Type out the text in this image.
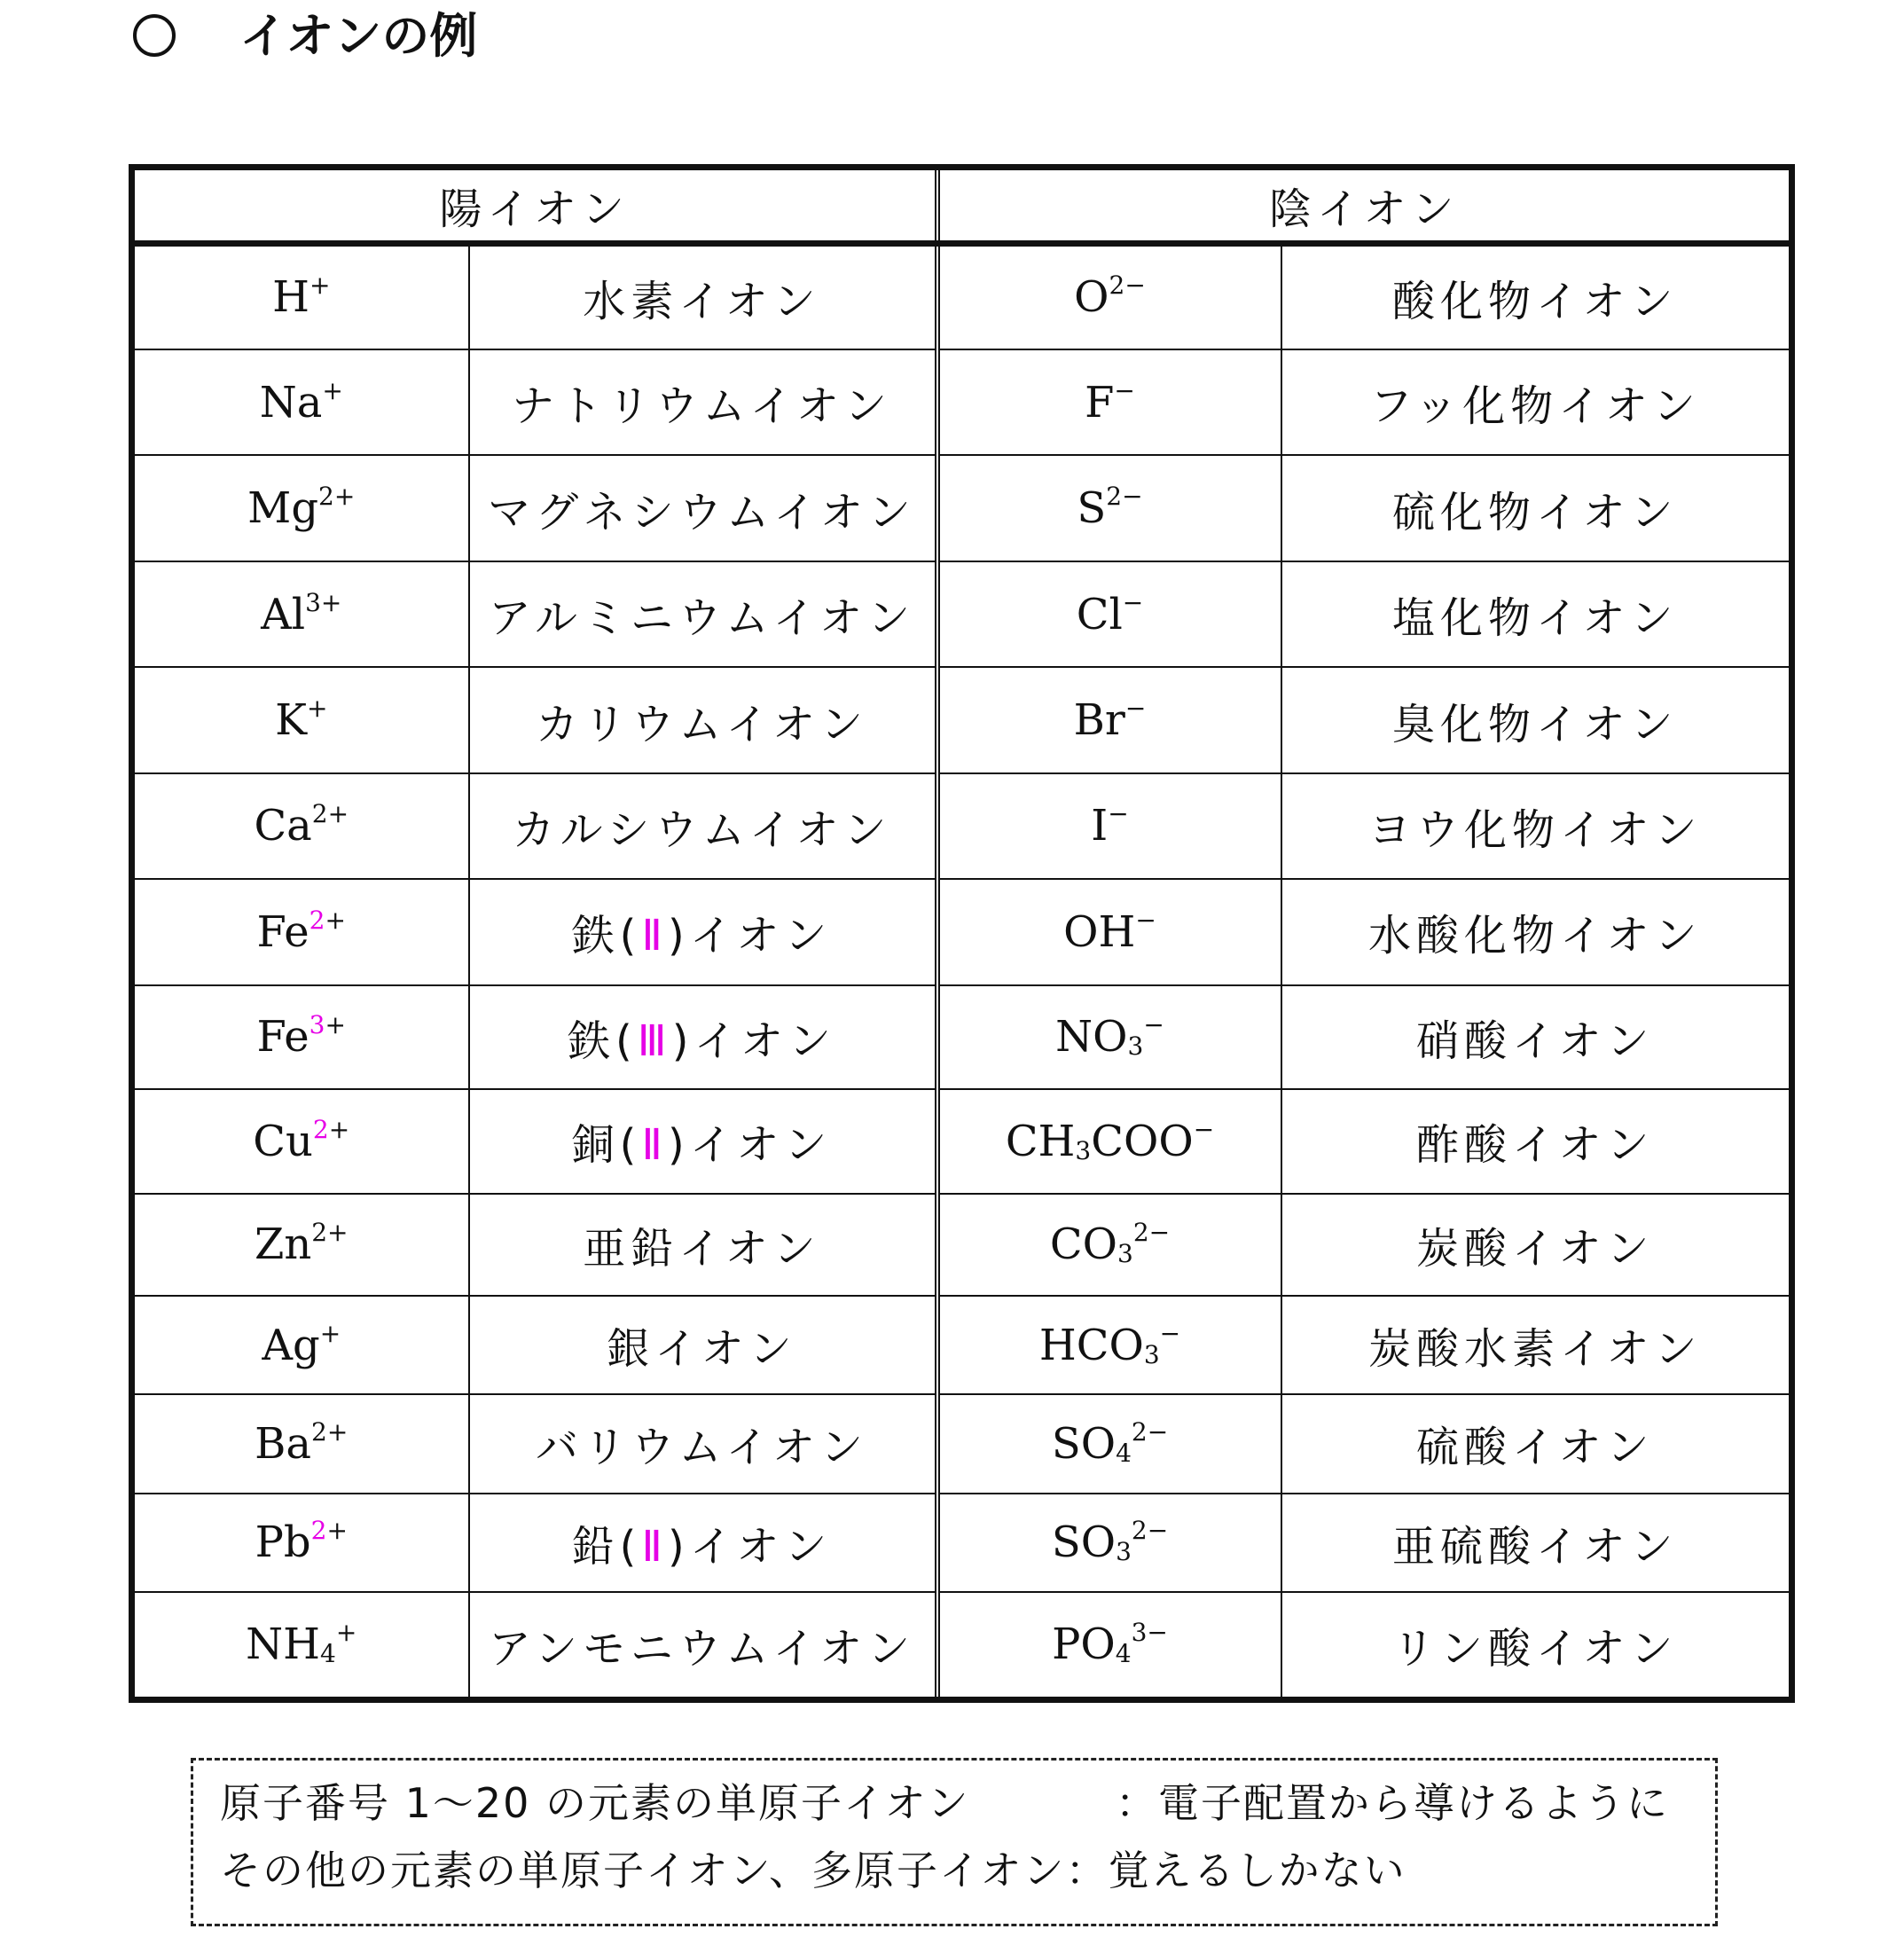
イオンの例
陽イオン		陰イオン	
H+	水素イオン	$O^{2-}$	酸化物イオン
Na+	ナトリウムイオン	F−	フッ化物イオン
$Mg^{2+}$	マグネシウムイオン	$S^{2-}$	硫化物イオン
$Al^{3+}$	アルミニウムイオン	Cl−	塩化物イオン
K+	カリウムイオン	Br−	臭化物イオン
$Ca^{2+}$	カルシウムイオン	I−	ヨウ化物イオン
$Fe^{2+}$	鉄(Ⅱ)イオン	OH−	水酸化物イオン
$Fe^{3+}$	鉄(Ⅲ)イオン	$NO_3^-$	硝酸イオン
$Cu^{2+}$	銅(Ⅱ)イオン	$CH_3COO^-$	酢酸イオン
$Zn^{2+}$	亜鉛イオン	$CO_3^{2-}$	炭酸イオン
Ag+	銀イオン	$HCO_3^-$	炭酸水素イオン
$Ba^{2+}$	バリウムイオン	$SO_4^{2-}$	硫酸イオン
$Pb^{2+}$	鉛(Ⅱ)イオン	$SO_3^{2-}$	亜硫酸イオン
$NH_4^+$	アンモニウムイオン	$PO_4^{3-}$	リン酸イオン
原子番号 1〜20 の元素の単原子イオン	：電子配置から導けるように
その他の元素の単原子イオン、多原子イオン：覚えるしかない
